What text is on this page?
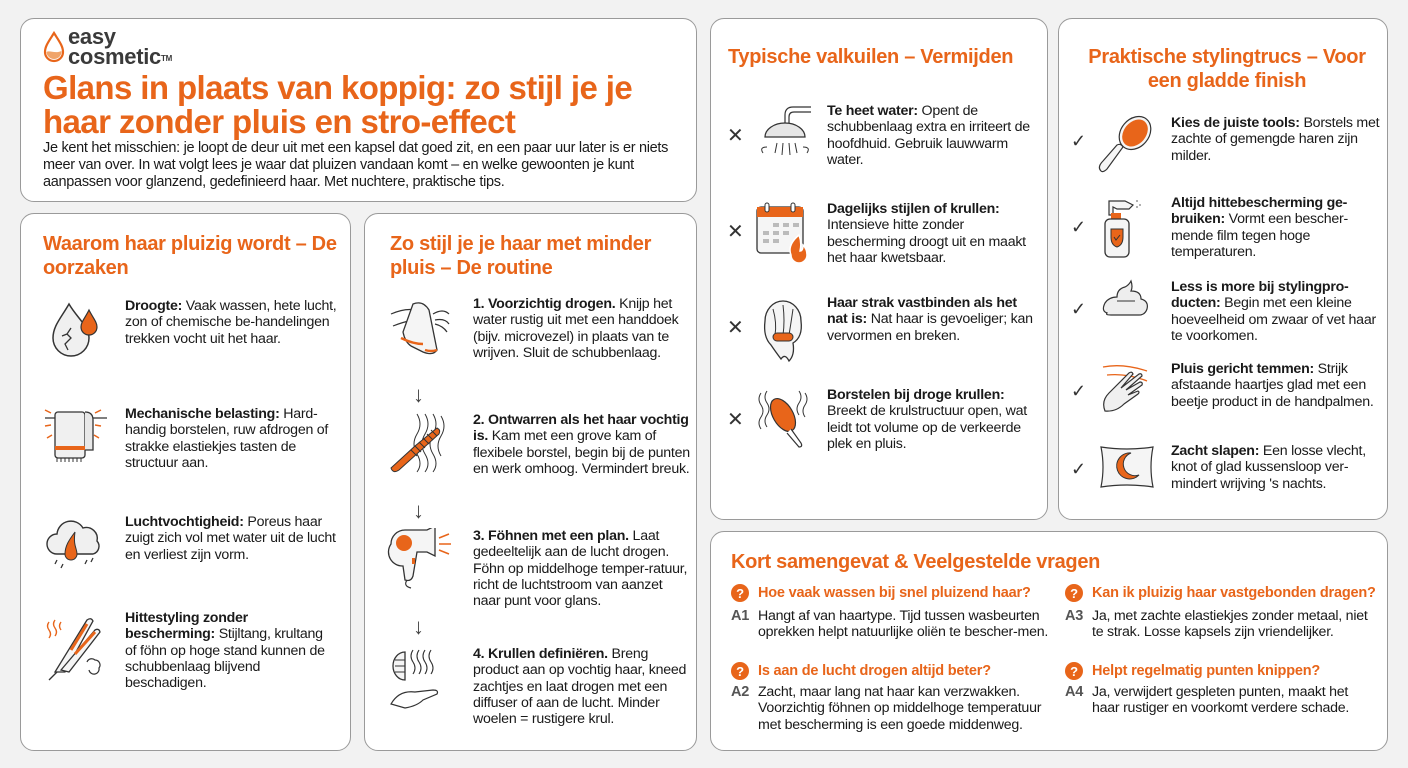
easy
cosmetic™
Glans in plaats van koppig: zo stijl je je haar zonder pluis en stro-effect
Je kent het misschien: je loopt de deur uit met een kapsel dat goed zit, en een paar uur later is er niets meer van over. In wat volgt lees je waar dat pluizen vandaan komt – en welke gewoonten je kunt aanpassen voor glanzend, gedefinieerd haar. Met nuchtere, praktische tips.
Waarom haar pluizig wordt – De oorzaken
Droogte: Vaak wassen, hete lucht, zon of chemische be-handelingen trekken vocht uit het haar.
Mechanische belasting: Hard-handig borstelen, ruw afdrogen of strakke elastiekjes tasten de structuur aan.
Luchtvochtigheid: Poreus haar zuigt zich vol met water uit de lucht en verliest zijn vorm.
Hittestyling zonder bescherming: Stijltang, krultang of föhn op hoge stand kunnen de schubbenlaag blijvend beschadigen.
Zo stijl je je haar met minder pluis – De routine
1. Voorzichtig drogen. Knijp het water rustig uit met een handdoek (bijv. microvezel) in plaats van te wrijven. Sluit de schubbenlaag.
↓
2. Ontwarren als het haar vochtig is. Kam met een grove kam of flexibele borstel, begin bij de punten en werk omhoog. Vermindert breuk.
↓
3. Föhnen met een plan. Laat gedeeltelijk aan de lucht drogen. Föhn op middelhoge temper-ratuur, richt de luchtstroom van aanzet naar punt voor glans.
↓
4. Krullen definiëren. Breng product aan op vochtig haar, kneed zachtjes en laat drogen met een diffuser of aan de lucht. Minder woelen = rustigere krul.
Typische valkuilen – Vermijden
✕
Te heet water: Opent de schubbenlaag extra en irriteert de hoofdhuid. Gebruik lauwwarm water.
✕
Dagelijks stijlen of krullen: Intensieve hitte zonder bescherming droogt uit en maakt het haar kwetsbaar.
✕
Haar strak vastbinden als het nat is: Nat haar is gevoeliger; kan vervormen en breken.
✕
Borstelen bij droge krullen: Breekt de krulstructuur open, wat leidt tot volume op de verkeerde plek en pluis.
Praktische stylingtrucs – Voor een gladde finish
✓
Kies de juiste tools: Borstels met zachte of gemengde haren zijn milder.
✓
Altijd hittebescherming ge-bruiken: Vormt een bescher-mende film tegen hoge temperaturen.
✓
Less is more bij stylingpro-ducten: Begin met een kleine hoeveelheid om zwaar of vet haar te voorkomen.
✓
Pluis gericht temmen: Strijk afstaande haartjes glad met een beetje product in de handpalmen.
✓
Zacht slapen: Een losse vlecht, knot of glad kussensloop ver-mindert wrijving 's nachts.
Kort samengevat & Veelgestelde vragen
? Hoe vaak wassen bij snel pluizend haar?
A1 Hangt af van haartype. Tijd tussen wasbeurten oprekken helpt natuurlijke oliën te bescher-men.
? Is aan de lucht drogen altijd beter?
A2 Zacht, maar lang nat haar kan verzwakken. Voorzichtig föhnen op middelhoge temperatuur met bescherming is een goede middenweg.
? Kan ik pluizig haar vastgebonden dragen?
A3 Ja, met zachte elastiekjes zonder metaal, niet te strak. Losse kapsels zijn vriendelijker.
? Helpt regelmatig punten knippen?
A4 Ja, verwijdert gespleten punten, maakt het haar rustiger en voorkomt verdere schade.
